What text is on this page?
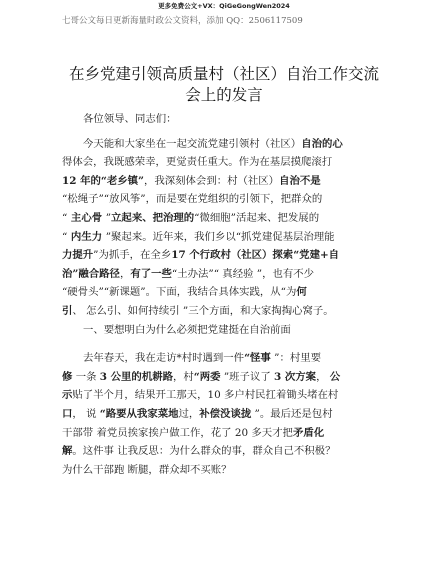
更多免费公文+VX：QiGeGongWen2024
七哥公文每日更新海量时政公文资料，添加 QQ：2506117509
在乡党建引领高质量村（社区）自治工作交流
会上的发言
各位领导、同志们：
今天能和大家坐在一起交流党建引领村（社区）自治的心
得体会，我既感荣幸，更觉责任重大。作为在基层摸爬滚打
12 年的“老乡镇”，我深刻体会到：村（社区）自治不是
“松绳子”“放风筝”，而是要在党组织的引领下，把群众的
“ 主心骨 ”立起来、把治理的“微细胞”活起来、把发展的
“ 内生力 ”聚起来。近年来，我们乡以“抓党建促基层治理能
力提升”为抓手，在全乡17 个行政村（社区）探索“党建+自
治”融合路径，有了一些“土办法”“ 真经验 ”，也有不少
“硬骨头”“新课题”。下面，我结合具体实践，从“为何
引、 怎么引、如何持续引 ”三个方面，和大家掏掏心窝子。
一、要想明白为什么必须把党建挺在自治前面
去年春天，我在走访*村时遇到一件“怪事 ”：村里要
修 一条 3 公里的机耕路，村“两委 ”班子议了 3 次方案， 公
示贴了半个月，结果开工那天，10 多户村民扛着锄头堵在村
口， 说 “路要从我家菜地过，补偿没谈拢 ”。最后还是包村
干部带 着党员挨家挨户做工作，花了 20 多天才把矛盾化
解。这件事 让我反思：为什么群众的事，群众自己不积极？
为什么干部跑 断腿，群众却不买账？
